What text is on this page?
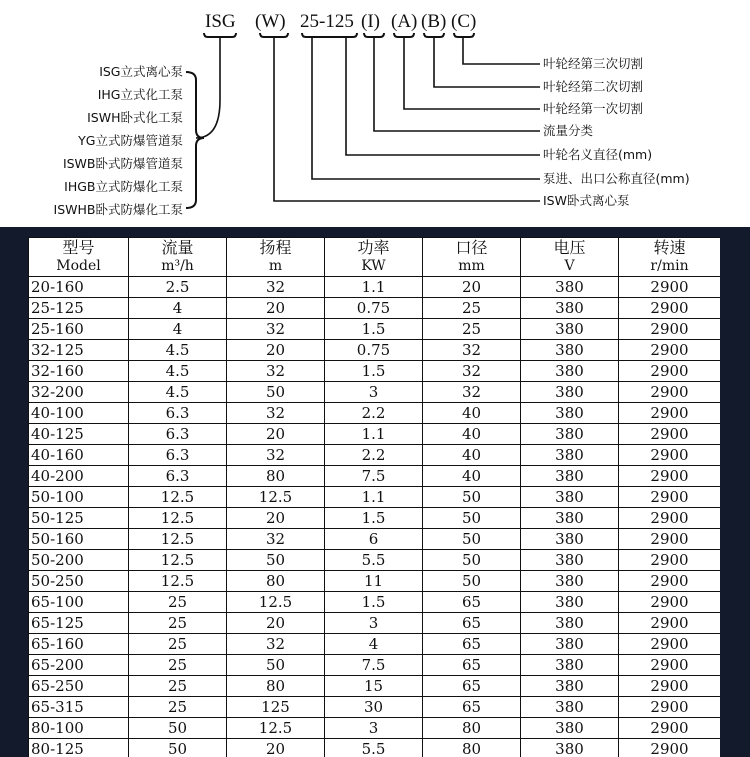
ISG (W) 25-125 (I) (A) (B) (C)
ISG立式离心泵
IHG立式化工泵
ISWH卧式化工泵
YG立式防爆管道泵
ISWB卧式防爆管道泵
IHGB立式防爆化工泵
ISWHB卧式防爆化工泵
叶轮经第三次切割
叶轮经第二次切割
叶轮经第一次切割
流量分类
叶轮名义直径(mm)
泵进、出口公称直径(mm)
ISW卧式离心泵
型号	流量	扬程	功率	口径	电压	转速
Model	m³/h	m	KW	mm	V	r/min
20-160	2.5	32	1.1	20	380	2900
25-125	4	20	0.75	25	380	2900
25-160	4	32	1.5	25	380	2900
32-125	4.5	20	0.75	32	380	2900
32-160	4.5	32	1.5	32	380	2900
32-200	4.5	50	3	32	380	2900
40-100	6.3	32	2.2	40	380	2900
40-125	6.3	20	1.1	40	380	2900
40-160	6.3	32	2.2	40	380	2900
40-200	6.3	80	7.5	40	380	2900
50-100	12.5	12.5	1.1	50	380	2900
50-125	12.5	20	1.5	50	380	2900
50-160	12.5	32	6	50	380	2900
50-200	12.5	50	5.5	50	380	2900
50-250	12.5	80	11	50	380	2900
65-100	25	12.5	1.5	65	380	2900
65-125	25	20	3	65	380	2900
65-160	25	32	4	65	380	2900
65-200	25	50	7.5	65	380	2900
65-250	25	80	15	65	380	2900
65-315	25	125	30	65	380	2900
80-100	50	12.5	3	80	380	2900
80-125	50	20	5.5	80	380	2900
